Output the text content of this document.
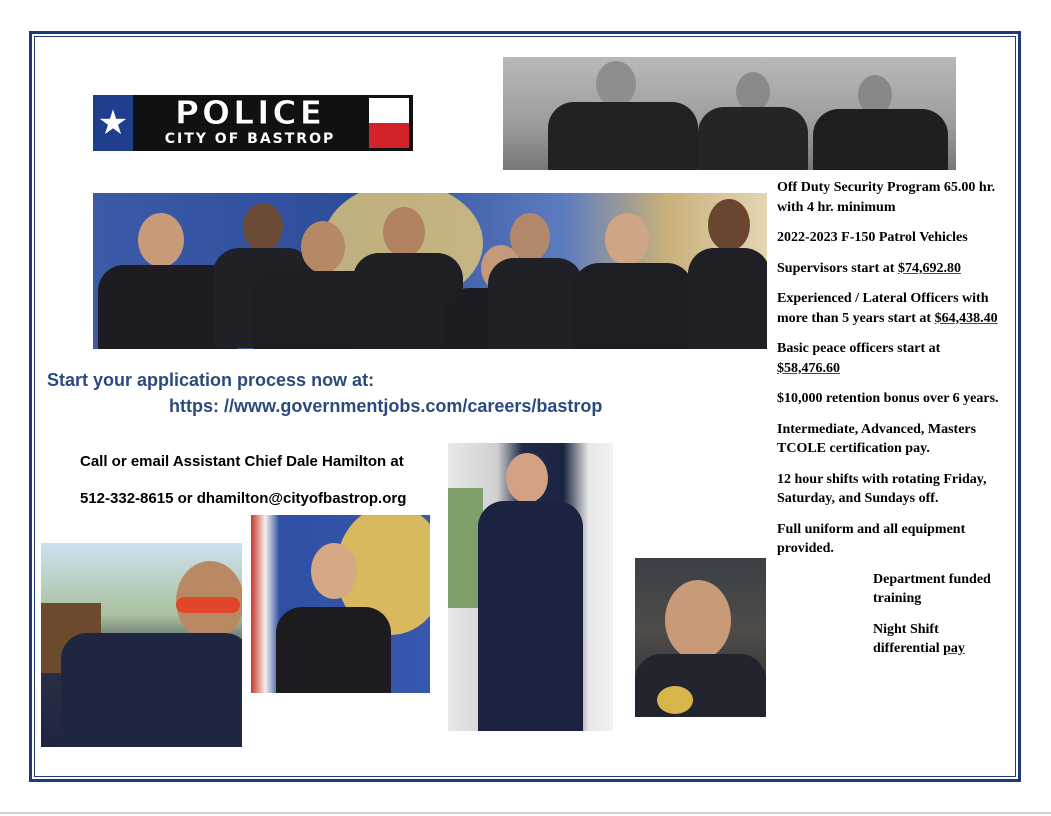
★	POLICE
CITY OF BASTROP
Start your application process now at:
https: //www.governmentjobs.com/careers/bastrop
Call or email Assistant Chief Dale Hamilton at
512-332-8615 or dhamilton@cityofbastrop.org
Off Duty Security Program 65.00 hr. with 4 hr. minimum
2022-2023 F-150 Patrol Vehicles
Supervisors start at $74,692.80
Experienced / Lateral Officers with more than 5 years start at $64,438.40
Basic peace officers start at $58,476.60
$10,000 retention bonus over 6 years.
Intermediate, Advanced, Masters TCOLE certification pay.
12 hour shifts with rotating Friday, Saturday, and Sundays off.
Full uniform and all equipment provided.
Department funded training
Night Shift differential pay
